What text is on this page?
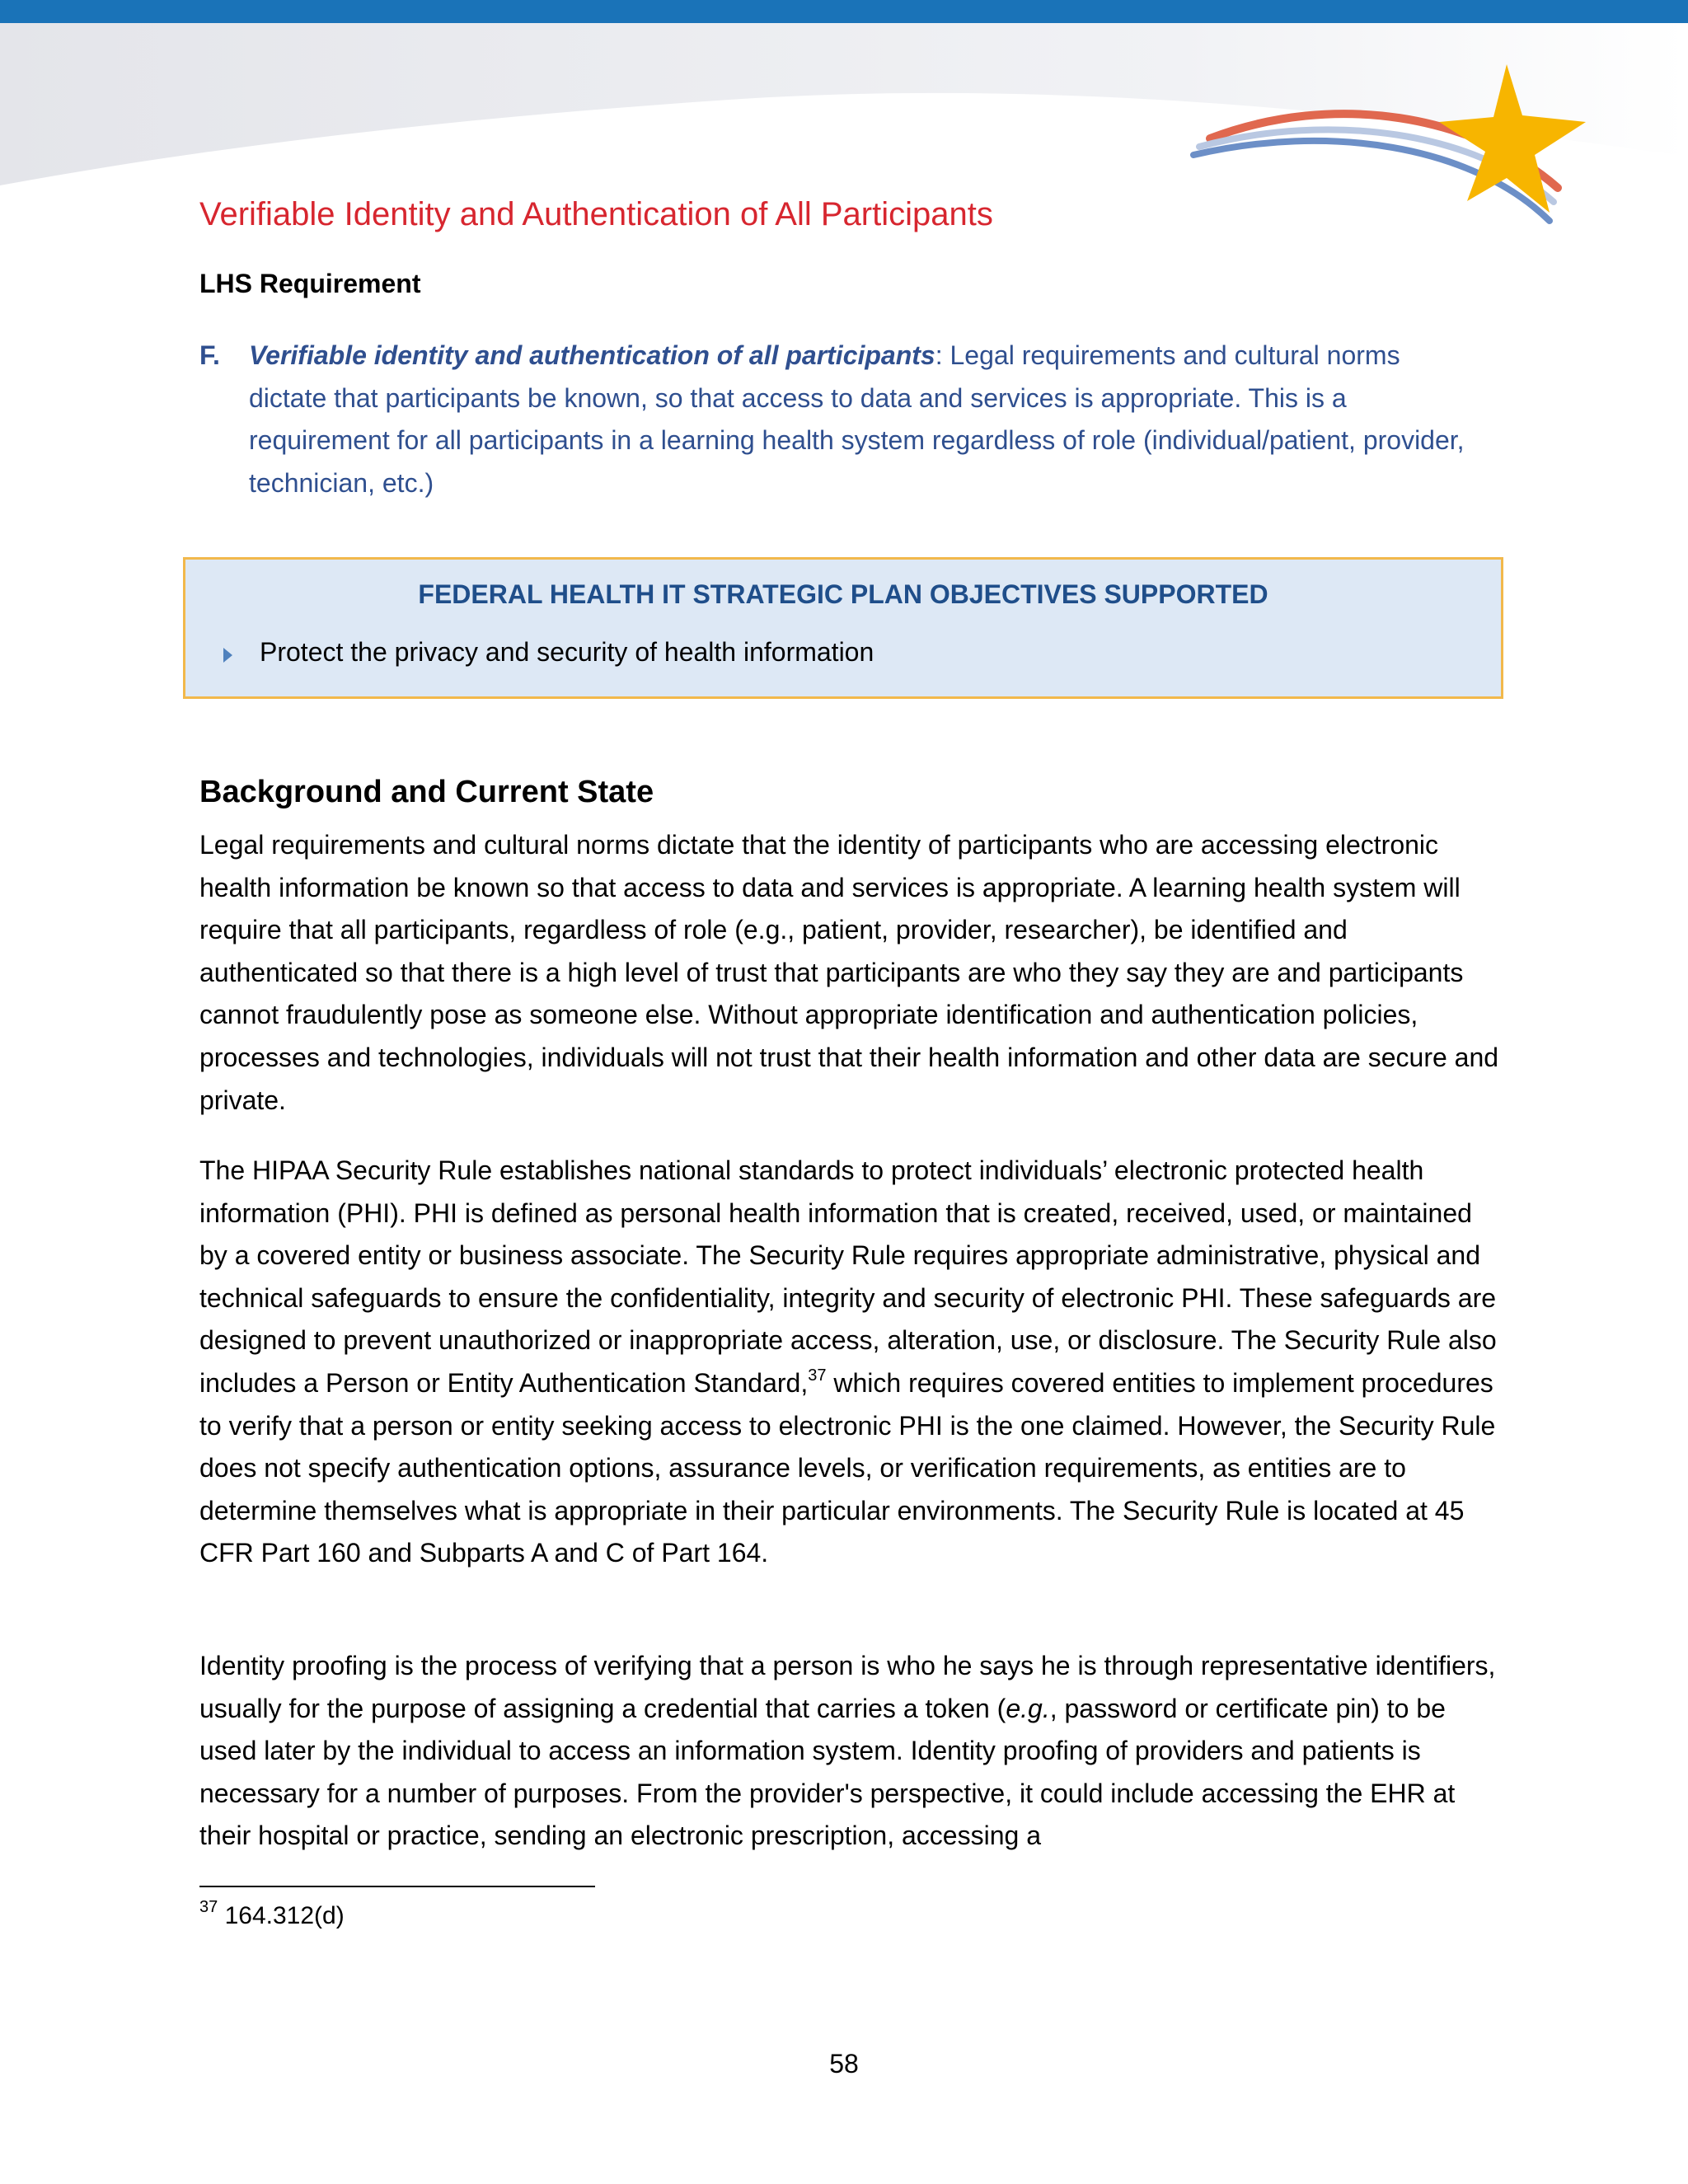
Verifiable Identity and Authentication of All Participants
LHS Requirement
F. Verifiable identity and authentication of all participants: Legal requirements and cultural norms dictate that participants be known, so that access to data and services is appropriate. This is a requirement for all participants in a learning health system regardless of role (individual/patient, provider, technician, etc.)
Background and Current State

Legal requirements and cultural norms dictate that the identity of participants who are accessing electronic health information be known so that access to data and services is appropriate. A learning health system will require that all participants, regardless of role (e.g., patient, provider, researcher), be identified and authenticated so that there is a high level of trust that participants are who they say they are and participants cannot fraudulently pose as someone else. Without appropriate identification and authentication policies, processes and technologies, individuals will not trust that their health information and other data are secure and private.

The HIPAA Security Rule establishes national standards to protect individuals’ electronic protected health information (PHI). PHI is defined as personal health information that is created, received, used, or maintained by a covered entity or business associate. The Security Rule requires appropriate administrative, physical and technical safeguards to ensure the confidentiality, integrity and security of electronic PHI. These safeguards are designed to prevent unauthorized or inappropriate access, alteration, use, or disclosure. The Security Rule also includes a Person or Entity Authentication Standard,$^{37}$ which requires covered entities to implement procedures to verify that a person or entity seeking access to electronic PHI is the one claimed. However, the Security Rule does not specify authentication options, assurance levels, or verification requirements, as entities are to determine themselves what is appropriate in their particular environments. The Security Rule is located at 45 CFR Part 160 and Subparts A and C of Part 164.

Identity proofing is the process of verifying that a person is who he says he is through representative identifiers, usually for the purpose of assigning a credential that carries a token (e.g., password or certificate pin) to be used later by the individual to access an information system. Identity proofing of providers and patients is necessary for a number of purposes. From the provider's perspective, it could include accessing the EHR at their hospital or practice, sending an electronic prescription, accessing a

FEDERAL HEALTH IT STRATEGIC PLAN OBJECTIVES SUPPORTED
Protect the privacy and security of health information
$^{37}$ 164.312(d)
58
